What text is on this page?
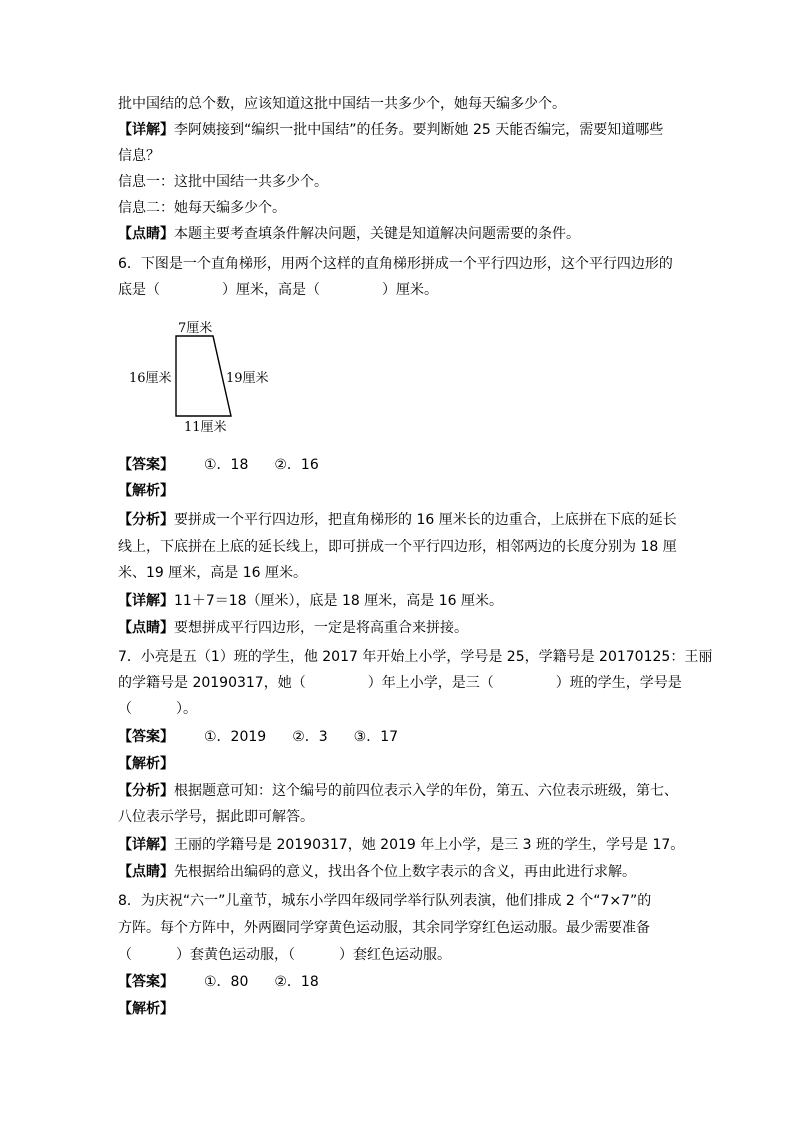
批中国结的总个数，应该知道这批中国结一共多少个，她每天编多少个。
【详解】李阿姨接到“编织一批中国结”的任务。要判断她 25 天能否编完，需要知道哪些
信息？
信息一：这批中国结一共多少个。
信息二：她每天编多少个。
【点睛】本题主要考查填条件解决问题，关键是知道解决问题需要的条件。
6．下图是一个直角梯形，用两个这样的直角梯形拼成一个平行四边形，这个平行四边形的
底是（	）厘米，高是（	）厘米。
7厘米
16厘米	19厘米
11厘米
【答案】 ①．18 ②．16
【解析】
【分析】要拼成一个平行四边形，把直角梯形的 16 厘米长的边重合，上底拼在下底的延长
线上，下底拼在上底的延长线上，即可拼成一个平行四边形，相邻两边的长度分别为 18 厘
米、19 厘米，高是 16 厘米。
【详解】11＋7＝18（厘米），底是 18 厘米，高是 16 厘米。
【点睛】要想拼成平行四边形，一定是将高重合来拼接。
7．小亮是五（1）班的学生，他 2017 年开始上小学，学号是 25，学籍号是 20170125：王丽
的学籍号是 20190317，她（	）年上小学，是三（	）班的学生，学号是
（	）。
【答案】 ①．2019 ②．3 ③．17
【解析】
【分析】根据题意可知：这个编号的前四位表示入学的年份，第五、六位表示班级，第七、
八位表示学号，据此即可解答。
【详解】王丽的学籍号是 20190317，她 2019 年上小学，是三 3 班的学生，学号是 17。
【点睛】先根据给出编码的意义，找出各个位上数字表示的含义，再由此进行求解。
8．为庆祝“六一”儿童节，城东小学四年级同学举行队列表演，他们排成 2 个“7×7”的
方阵。每个方阵中，外两圈同学穿黄色运动服，其余同学穿红色运动服。最少需要准备
（	）套黄色运动服，（	）套红色运动服。
【答案】 ①．80 ②．18
【解析】
